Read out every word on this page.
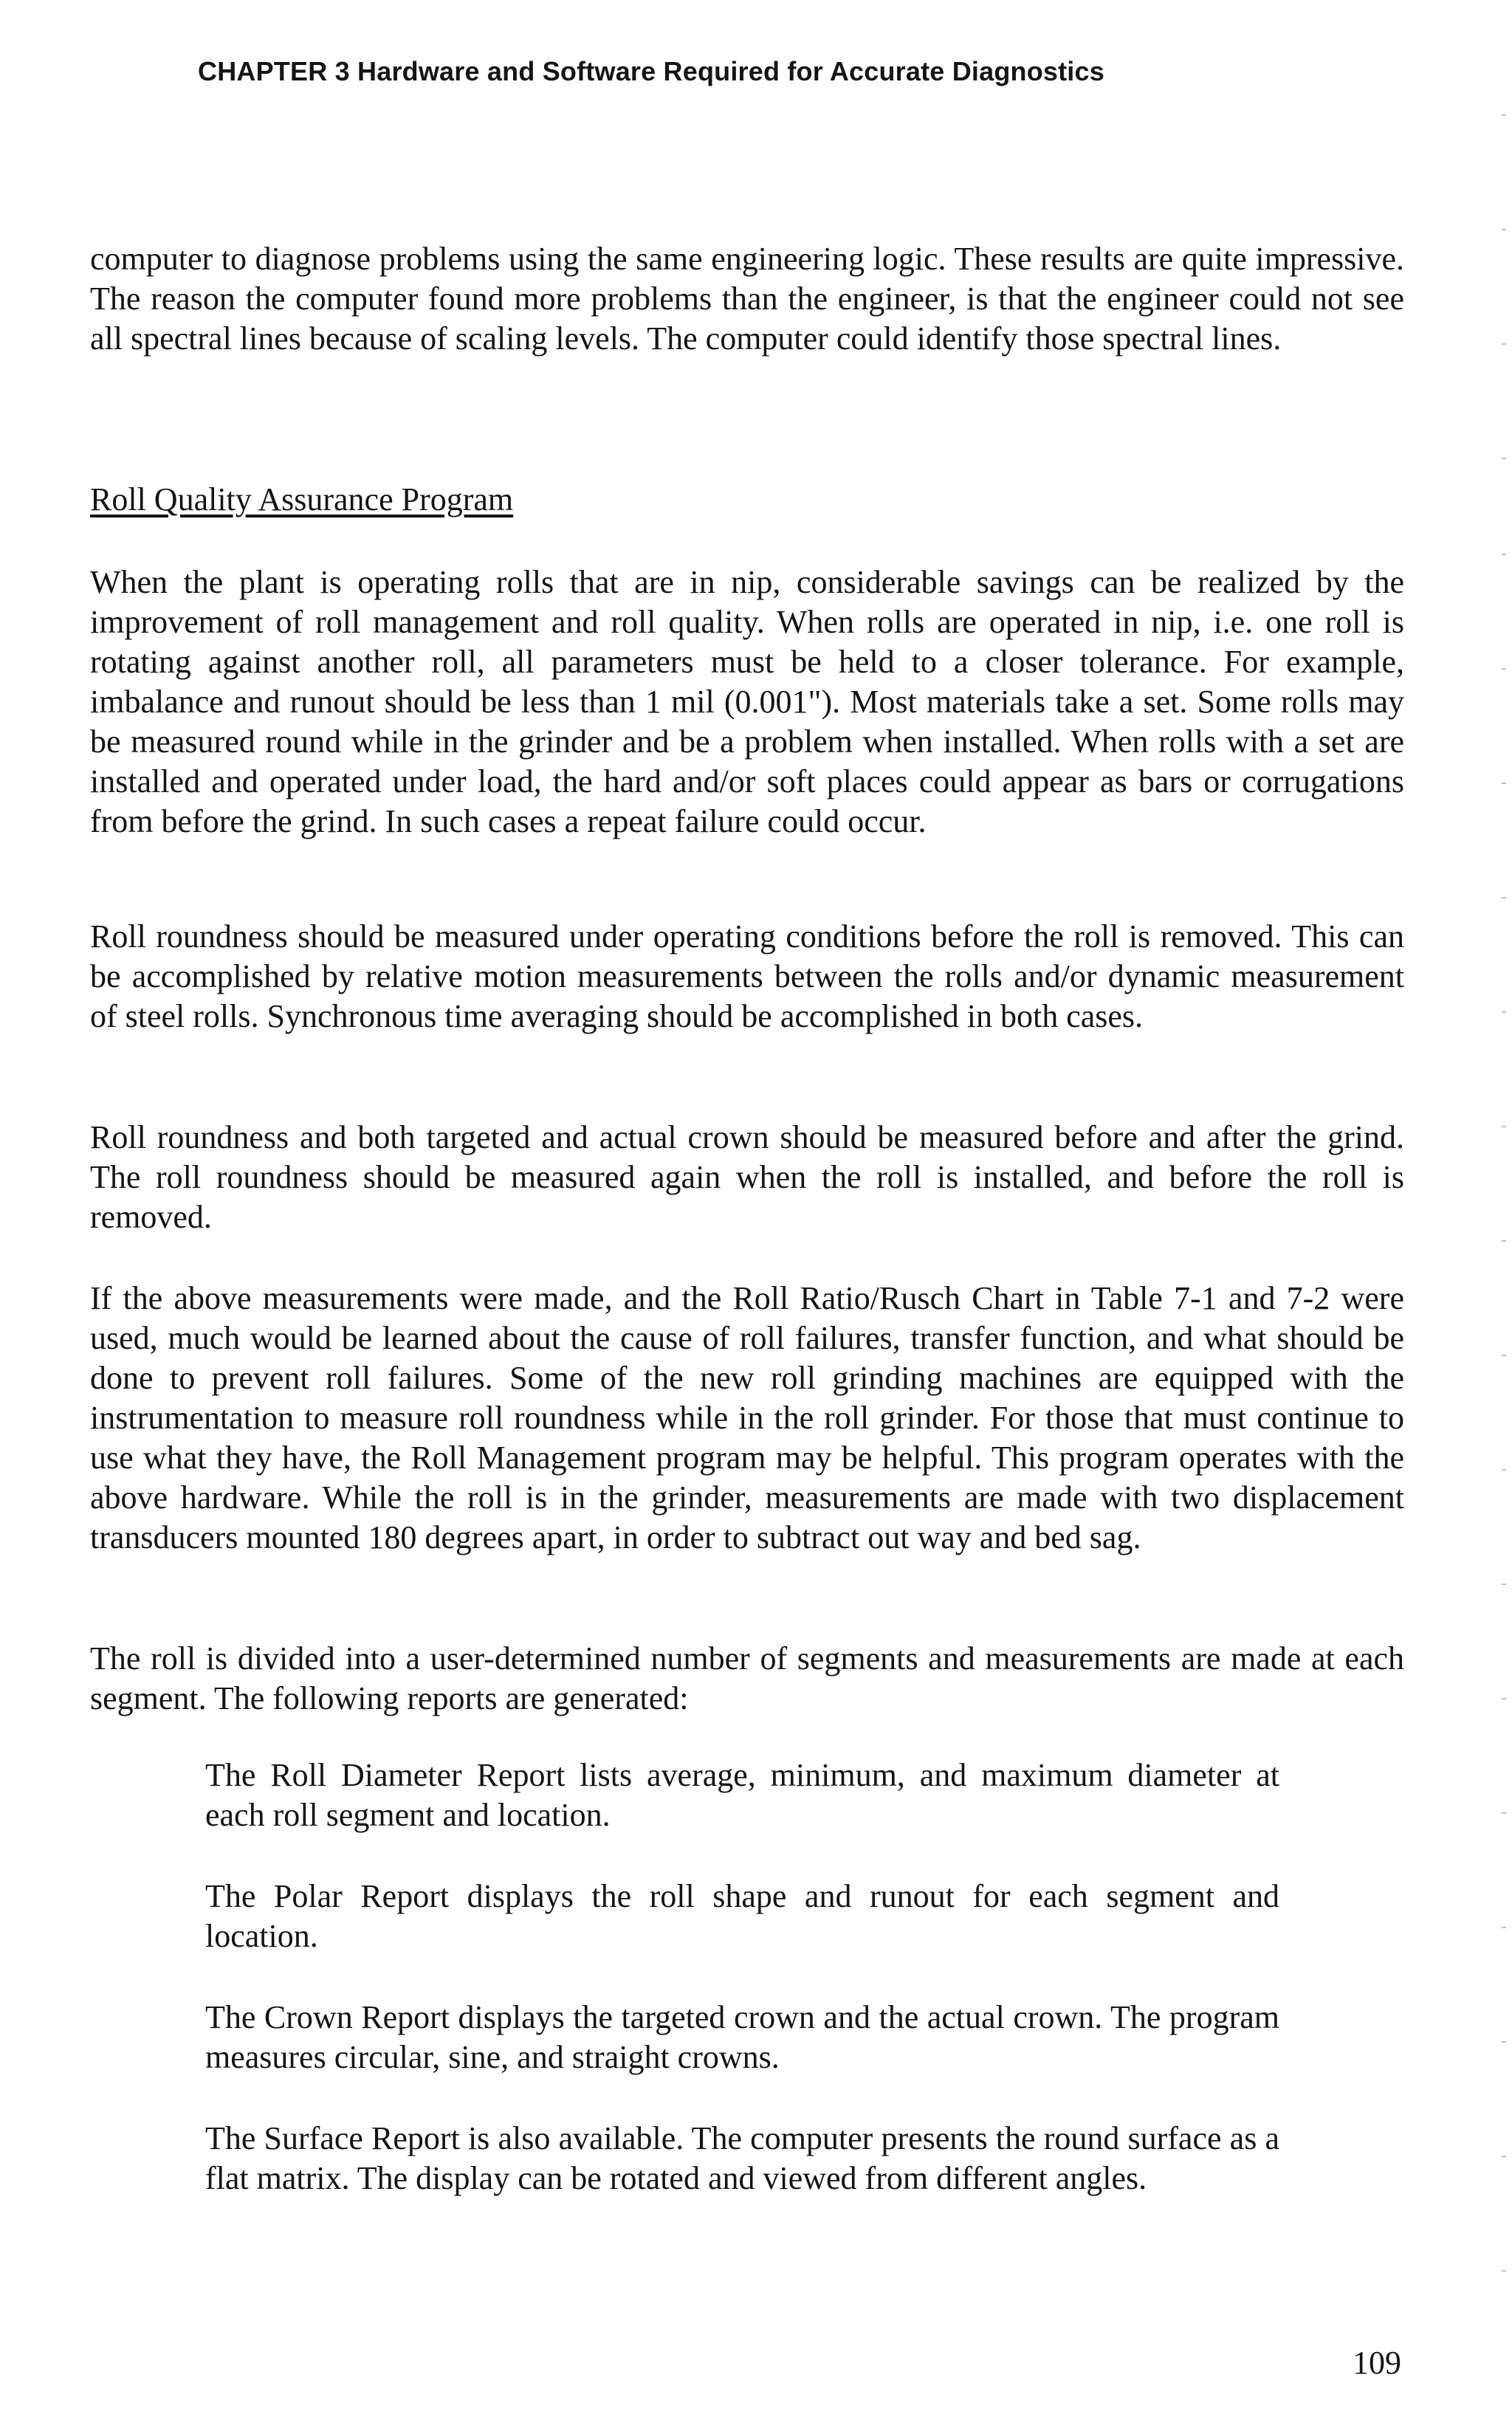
CHAPTER 3 Hardware and Software Required for Accurate Diagnostics

computer to diagnose problems using the same engineering logic. These results are quite impressive. The reason the computer found more problems than the engineer, is that the engineer could not see all spectral lines because of scaling levels. The computer could identify those spectral lines.

Roll Quality Assurance Program

When the plant is operating rolls that are in nip, considerable savings can be realized by the improvement of roll management and roll quality. When rolls are operated in nip, i.e. one roll is rotating against another roll, all parameters must be held to a closer tolerance. For example, imbalance and runout should be less than 1 mil (0.001"). Most materials take a set. Some rolls may be measured round while in the grinder and be a problem when installed. When rolls with a set are installed and operated under load, the hard and/or soft places could appear as bars or corrugations from before the grind. In such cases a repeat failure could occur.

Roll roundness should be measured under operating conditions before the roll is removed. This can be accomplished by relative motion measurements between the rolls and/or dynamic measurement of steel rolls. Synchronous time averaging should be accomplished in both cases.

Roll roundness and both targeted and actual crown should be measured before and after the grind. The roll roundness should be measured again when the roll is installed, and before the roll is removed.

If the above measurements were made, and the Roll Ratio/Rusch Chart in Table 7-1 and 7-2 were used, much would be learned about the cause of roll failures, transfer function, and what should be done to prevent roll failures. Some of the new roll grinding machines are equipped with the instrumentation to measure roll roundness while in the roll grinder. For those that must continue to use what they have, the Roll Management program may be helpful. This program operates with the above hardware. While the roll is in the grinder, measurements are made with two displacement transducers mounted 180 degrees apart, in order to subtract out way and bed sag.

The roll is divided into a user-determined number of segments and measurements are made at each segment. The following reports are generated:

The Roll Diameter Report lists average, minimum, and maximum diameter at each roll segment and location.

The Polar Report displays the roll shape and runout for each segment and location.

The Crown Report displays the targeted crown and the actual crown. The program measures circular, sine, and straight crowns.

The Surface Report is also available. The computer presents the round surface as a flat matrix. The display can be rotated and viewed from different angles.

109
